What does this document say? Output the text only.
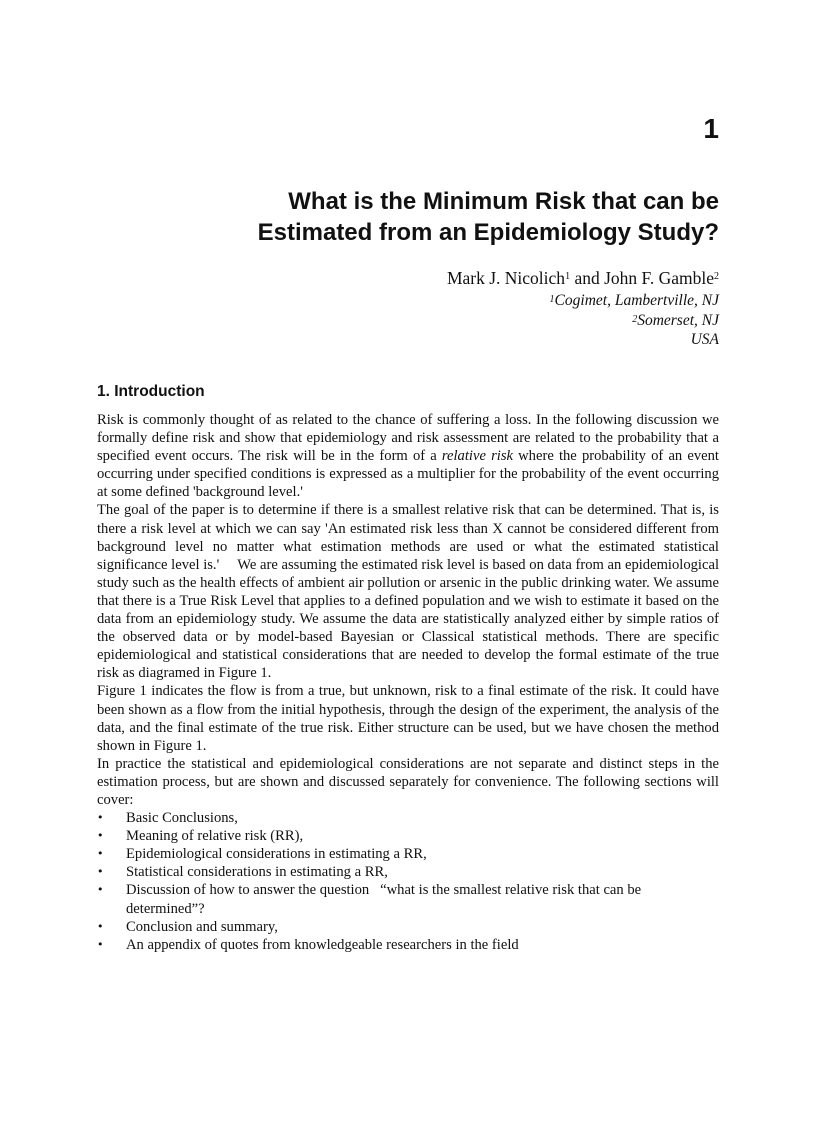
1
What is the Minimum Risk that can be
Estimated from an Epidemiology Study?
Mark J. Nicolich$^1$ and John F. Gamble$^2$
$^1$Cogimet, Lambertville, NJ
$^2$Somerset, NJ
USA
1. Introduction

Risk is commonly thought of as related to the chance of suffering a loss. In the following discussion we formally define risk and show that epidemiology and risk assessment are related to the probability that a specified event occurs. The risk will be in the form of a relative risk where the probability of an event occurring under specified conditions is expressed as a multiplier for the probability of the event occurring at some defined 'background level.'

The goal of the paper is to determine if there is a smallest relative risk that can be determined. That is, is there a risk level at which we can say 'An estimated risk less than X cannot be considered different from background level no matter what estimation methods are used or what the estimated statistical significance level is.'     We are assuming the estimated risk level is based on data from an epidemiological study such as the health effects of ambient air pollution or arsenic in the public drinking water. We assume that there is a True Risk Level that applies to a defined population and we wish to estimate it based on the data from an epidemiology study. We assume the data are statistically analyzed either by simple ratios of the observed data or by model-based Bayesian or Classical statistical methods. There are specific epidemiological and statistical considerations that are needed to develop the formal estimate of the true risk as diagramed in Figure 1.

Figure 1 indicates the flow is from a true, but unknown, risk to a final estimate of the risk. It could have been shown as a flow from the initial hypothesis, through the design of the experiment, the analysis of the data, and the final estimate of the true risk. Either structure can be used, but we have chosen the method shown in Figure 1.

In practice the statistical and epidemiological considerations are not separate and distinct steps in the estimation process, but are shown and discussed separately for convenience. The following sections will cover:

•	Basic Conclusions,
•	Meaning of relative risk (RR),
•	Epidemiological considerations in estimating a RR,
•	Statistical considerations in estimating a RR,
•	Discussion of how to answer the question   “what is the smallest relative risk that can be determined”?
•	Conclusion and summary,
•	An appendix of quotes from knowledgeable researchers in the field
